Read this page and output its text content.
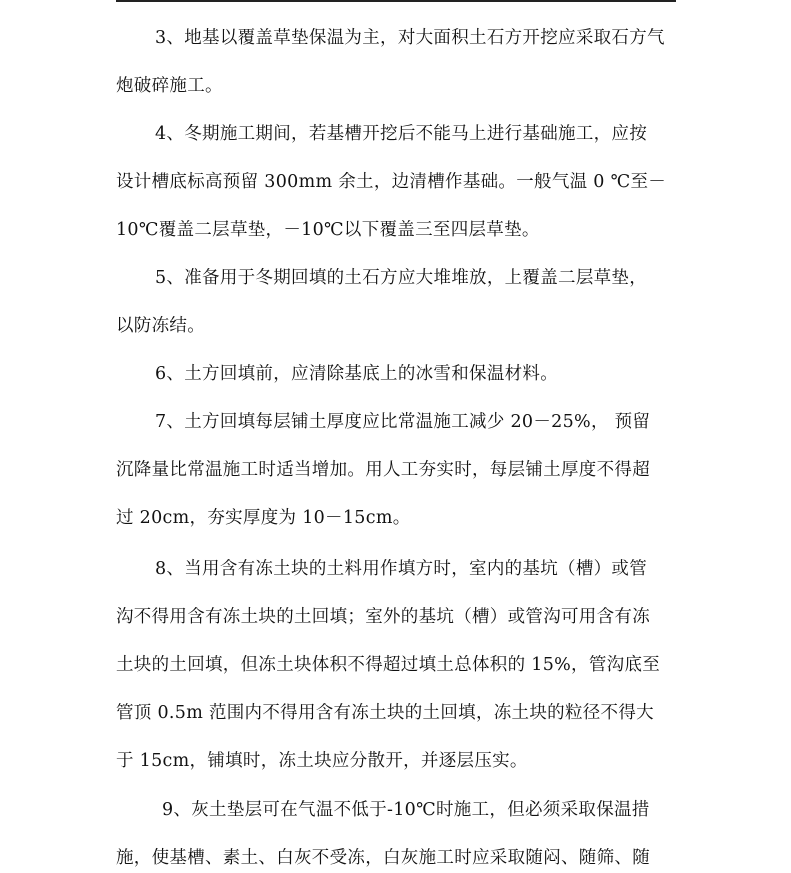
3、地基以覆盖草垫保温为主，对大面积土石方开挖应采取石方气
炮破碎施工。
4、冬期施工期间，若基槽开挖后不能马上进行基础施工，应按
设计槽底标高预留 300mm 余土，边清槽作基础。一般气温 0 ℃至－
10℃覆盖二层草垫，－10℃以下覆盖三至四层草垫。
5、准备用于冬期回填的土石方应大堆堆放，上覆盖二层草垫，
以防冻结。
6、土方回填前，应清除基底上的冰雪和保温材料。
7、土方回填每层铺土厚度应比常温施工减少 20－25%， 预留
沉降量比常温施工时适当增加。用人工夯实时，每层铺土厚度不得超
过 20cm，夯实厚度为 10－15cm。
8、当用含有冻土块的土料用作填方时，室内的基坑（槽）或管
沟不得用含有冻土块的土回填；室外的基坑（槽）或管沟可用含有冻
土块的土回填，但冻土块体积不得超过填土总体积的 15%，管沟底至
管顶 0.5m 范围内不得用含有冻土块的土回填，冻土块的粒径不得大
于 15cm，铺填时，冻土块应分散开，并逐层压实。
9、灰土垫层可在气温不低于-10℃时施工，但必须采取保温措
施，使基槽、素土、白灰不受冻，白灰施工时应采取随闷、随筛、随
